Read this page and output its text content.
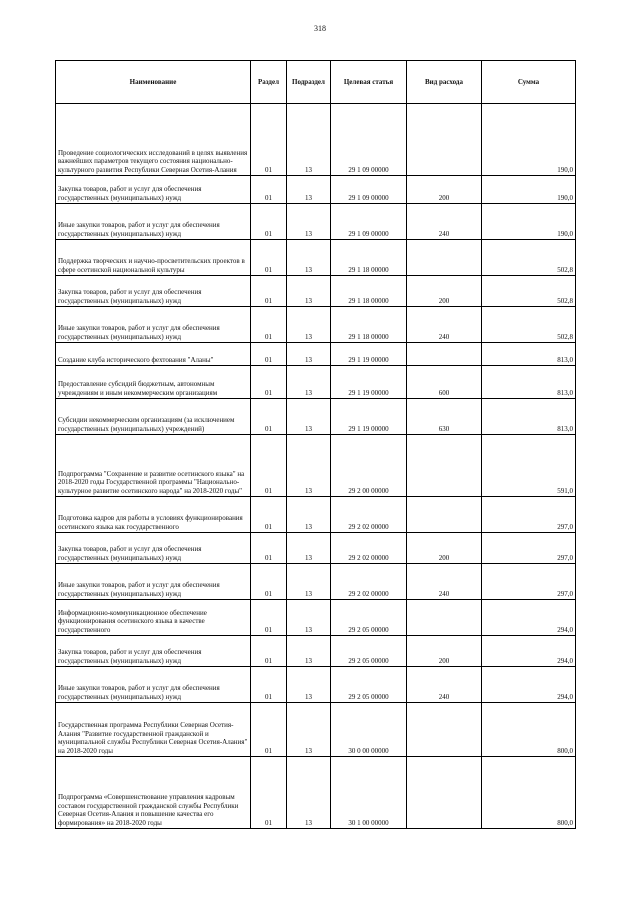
318
Наименование	Раздел	Подраздел	Целевая статья	Вид расхода	Сумма
Проведение социологических исследований в целях выявления важнейших параметров текущего состояния национально-культурного развития Республики Северная Осетия-Алания	01	13	29 1 09 00000		190,0
Закупка товаров, работ и услуг для обеспечения государственных (муниципальных) нужд	01	13	29 1 09 00000	200	190,0
Иные закупки товаров, работ и услуг для обеспечения государственных (муниципальных) нужд	01	13	29 1 09 00000	240	190,0
Поддержка творческих и научно-просветительских проектов в сфере осетинской национальной культуры	01	13	29 1 18 00000		502,8
Закупка товаров, работ и услуг для обеспечения государственных (муниципальных) нужд	01	13	29 1 18 00000	200	502,8
Иные закупки товаров, работ и услуг для обеспечения государственных (муниципальных) нужд	01	13	29 1 18 00000	240	502,8
Создание клуба исторического фехтования "Аланы"	01	13	29 1 19 00000		813,0
Предоставление субсидий бюджетным, автономным учреждениям и иным некоммерческим организациям	01	13	29 1 19 00000	600	813,0
Субсидии некоммерческим организациям (за исключением государственных (муниципальных) учреждений)	01	13	29 1 19 00000	630	813,0
Подпрограмма "Сохранение и развитие осетинского языка" на 2018-2020 годы Государственной программы "Национально-культурное развитие осетинского народа" на 2018-2020 годы"	01	13	29 2 00 00000		591,0
Подготовка кадров для работы в условиях функционирования осетинского языка как государственного	01	13	29 2 02 00000		297,0
Закупка товаров, работ и услуг для обеспечения государственных (муниципальных) нужд	01	13	29 2 02 00000	200	297,0
Иные закупки товаров, работ и услуг для обеспечения государственных (муниципальных) нужд	01	13	29 2 02 00000	240	297,0
Информационно-коммуникационное обеспечение функционирования осетинского языка в качестве государственного	01	13	29 2 05 00000		294,0
Закупка товаров, работ и услуг для обеспечения государственных (муниципальных) нужд	01	13	29 2 05 00000	200	294,0
Иные закупки товаров, работ и услуг для обеспечения государственных (муниципальных) нужд	01	13	29 2 05 00000	240	294,0
Государственная программа Республики Северная Осетия-Алания "Развитие государственной гражданской и муниципальной службы Республики Северная Осетия-Алания" на 2018-2020 годы	01	13	30 0 00 00000		800,0
Подпрограмма «Совершенствование управления кадровым составом государственной гражданской службы Республики Северная Осетия-Алания и повышение качества его формирования» на 2018-2020 годы	01	13	30 1 00 00000		800,0
